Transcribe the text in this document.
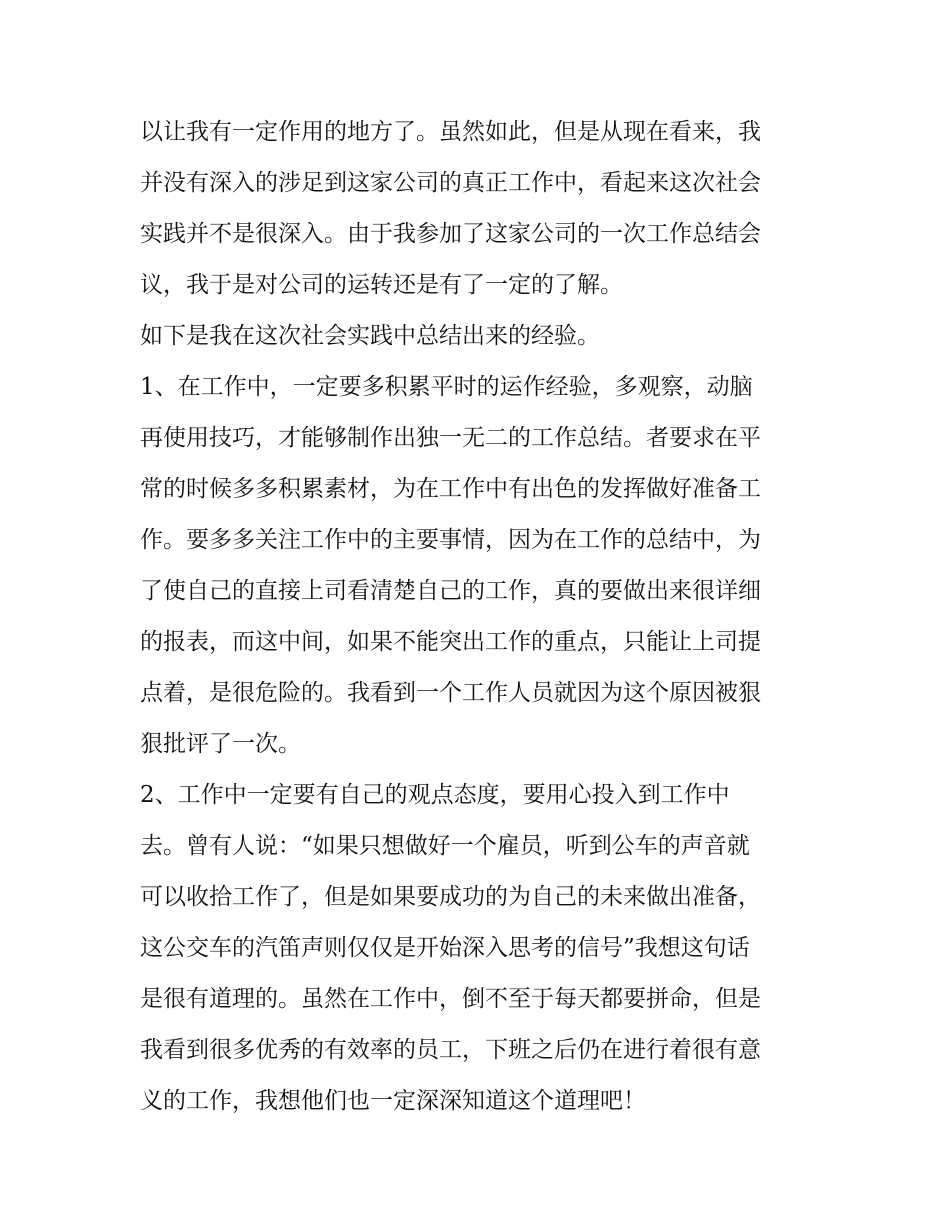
以让我有一定作用的地方了。虽然如此，但是从现在看来，我
并没有深入的涉足到这家公司的真正工作中，看起来这次社会
实践并不是很深入。由于我参加了这家公司的一次工作总结会
议，我于是对公司的运转还是有了一定的了解。
如下是我在这次社会实践中总结出来的经验。
1、在工作中，一定要多积累平时的运作经验，多观察，动脑
再使用技巧，才能够制作出独一无二的工作总结。者要求在平
常的时候多多积累素材，为在工作中有出色的发挥做好准备工
作。要多多关注工作中的主要事情，因为在工作的总结中，为
了使自己的直接上司看清楚自己的工作，真的要做出来很详细
的报表，而这中间，如果不能突出工作的重点，只能让上司提
点着，是很危险的。我看到一个工作人员就因为这个原因被狠
狠批评了一次。
2、工作中一定要有自己的观点态度，要用心投入到工作中
去。曾有人说：“如果只想做好一个雇员，听到公车的声音就
可以收拾工作了，但是如果要成功的为自己的未来做出准备，
这公交车的汽笛声则仅仅是开始深入思考的信号”我想这句话
是很有道理的。虽然在工作中，倒不至于每天都要拼命，但是
我看到很多优秀的有效率的员工，下班之后仍在进行着很有意
义的工作，我想他们也一定深深知道这个道理吧！
